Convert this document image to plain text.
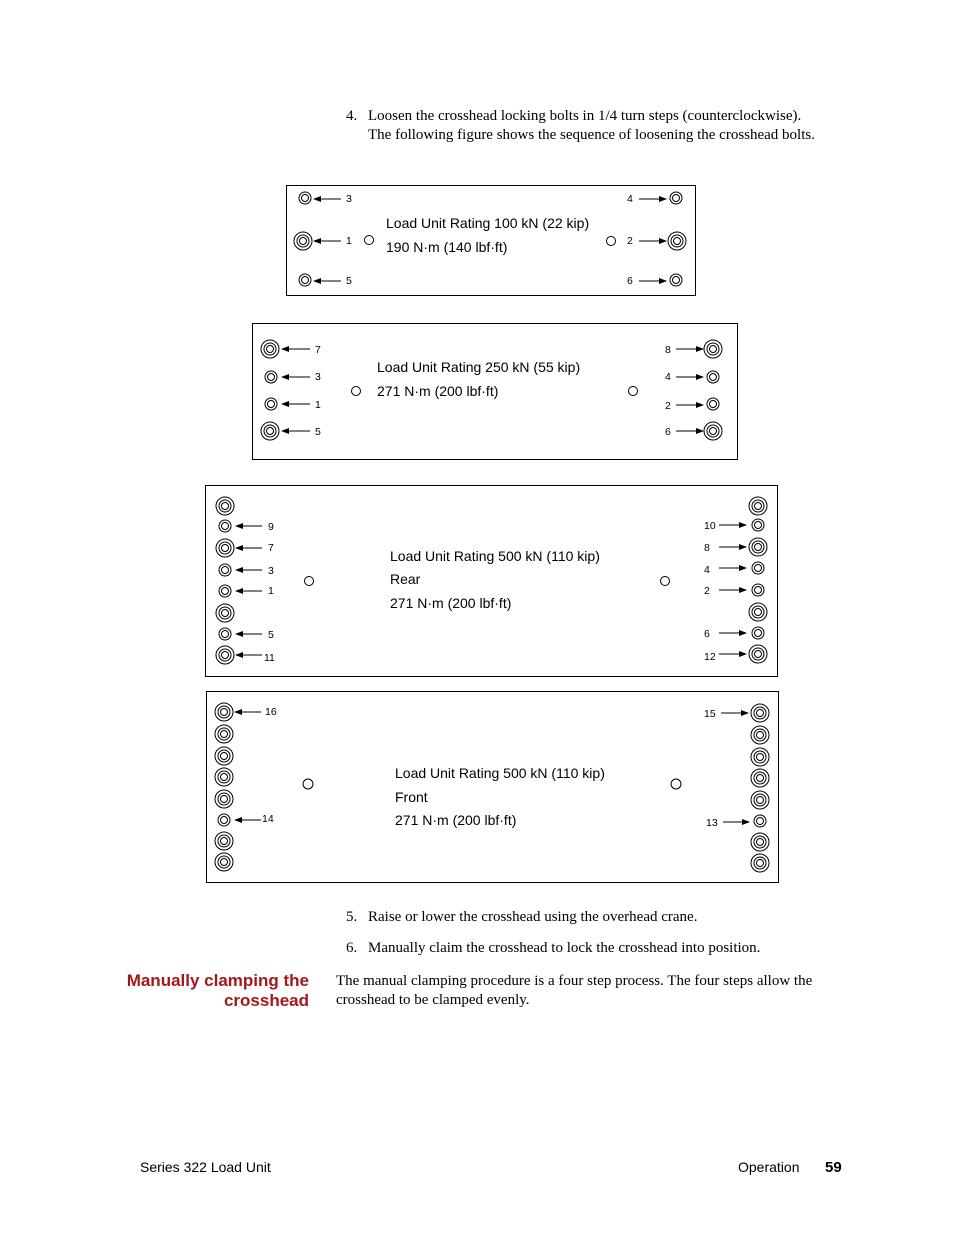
4. Loosen the crosshead locking bolts in 1/4 turn steps (counterclockwise).
The following figure shows the sequence of loosening the crosshead bolts.
3
1
5
Load Unit Rating 100 kN (22 kip)
190 N·m (140 lbf·ft)
4
2
6
7
3
1
5
Load Unit Rating 250 kN (55 kip)
271 N·m (200 lbf·ft)
8
4
2
6
9
7
3
1
5
11
Load Unit Rating 500 kN (110 kip)
Rear
271 N·m (200 lbf·ft)
10
8
4
2
6
12
16
14
Load Unit Rating 500 kN (110 kip)
Front
271 N·m (200 lbf·ft)
15
13
5. Raise or lower the crosshead using the overhead crane.
6. Manually claim the crosshead to lock the crosshead into position.
Manually clamping the
crosshead
The manual clamping procedure is a four step process. The four steps allow the
crosshead to be clamped evenly.
Series 322 Load Unit	Operation 59
